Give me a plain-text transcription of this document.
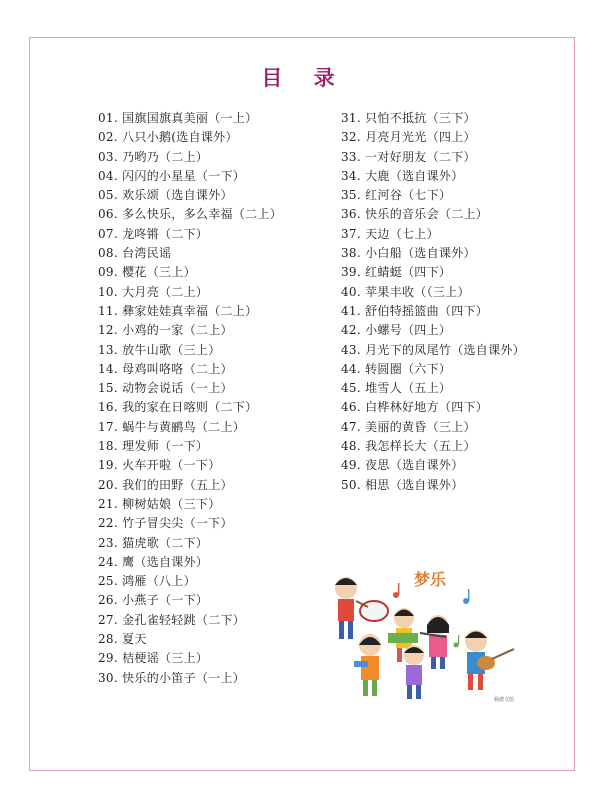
目 录
01. 国旗国旗真美丽（一上）
02. 八只小鹅(选自课外）
03. 乃哟乃（二上）
04. 闪闪的小星星（一下）
05. 欢乐颂（选自课外）
06. 多么快乐，多么幸福（二上）
07. 龙咚锵（二下）
08. 台湾民谣
09. 樱花（三上）
10. 大月亮（二上）
11. 彝家娃娃真幸福（二上）
12. 小鸡的一家（二上）
13. 放牛山歌（三上）
14. 母鸡叫咯咯（二上）
15. 动物会说话（一上）
16. 我的家在日喀则（二下）
17. 蜗牛与黄鹂鸟（二上）
18. 理发师（一下）
19. 火车开啦（一下）
20. 我们的田野（五上）
21. 柳树姑娘（三下）
22. 竹子冒尖尖（一下）
23. 猫虎歌（二下）
24. 鹰（选自课外）
25. 鸿雁（八上）
26. 小燕子（一下）
27. 金孔雀轻轻跳（二下）
28. 夏天
29. 桔梗谣（三上）
30. 快乐的小笛子（一上）
31. 只怕不抵抗（三下）
32. 月亮月光光（四上）
33. 一对好朋友（二下）
34. 大鹿（选自课外）
35. 红河谷（七下）
36. 快乐的音乐会（二上）
37. 天边（七上）
38. 小白船（选自课外）
39. 红蜻蜓（四下）
40. 苹果丰收（（三上）
41. 舒伯特摇篮曲（四下）
42. 小螺号（四上）
43. 月光下的凤尾竹（选自课外）
44. 转圆圈（六下）
45. 堆雪人（五上）
46. 白桦林好地方（四下）
47. 美丽的黄昏（三上）
48. 我怎样长大（五上）
49. 夜思（选自课外）
50. 相思（选自课外）
梦乐
杨德文绘
